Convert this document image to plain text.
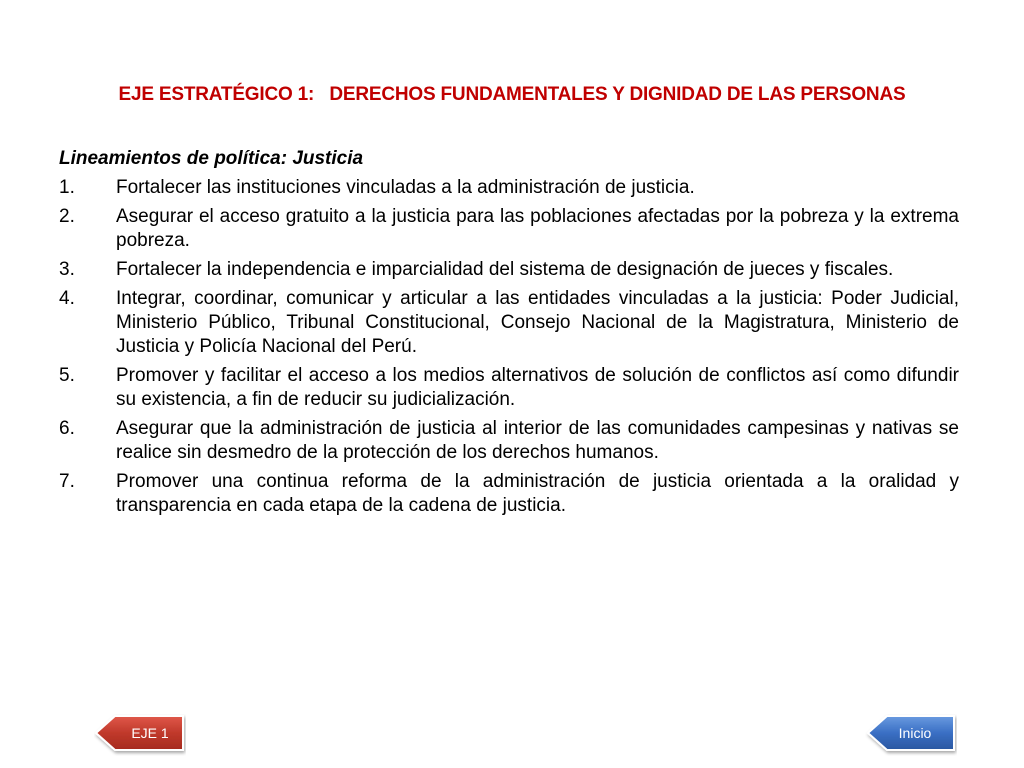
EJE ESTRATÉGICO 1:   DERECHOS FUNDAMENTALES Y DIGNIDAD DE LAS PERSONAS
Lineamientos de política: Justicia
1.	Fortalecer las instituciones vinculadas a la administración de justicia.
2.	Asegurar el acceso gratuito a la justicia para las poblaciones afectadas por la pobreza y la extrema pobreza.
3.	Fortalecer la independencia e imparcialidad del sistema de designación de jueces y fiscales.
4.	Integrar, coordinar, comunicar y articular a las entidades vinculadas a la justicia: Poder Judicial, Ministerio Público, Tribunal Constitucional, Consejo Nacional de la Magistratura, Ministerio de Justicia y Policía Nacional del Perú.
5.	Promover y facilitar el acceso a los medios alternativos de solución de conflictos así como difundir su existencia, a fin de reducir su judicialización.
6.	Asegurar que la administración de justicia al interior de las comunidades campesinas y nativas se realice sin desmedro de la protección de los derechos humanos.
7.	Promover una continua reforma de la administración de justicia orientada a la oralidad y transparencia en cada etapa de la cadena de justicia.
EJE 1	Inicio
